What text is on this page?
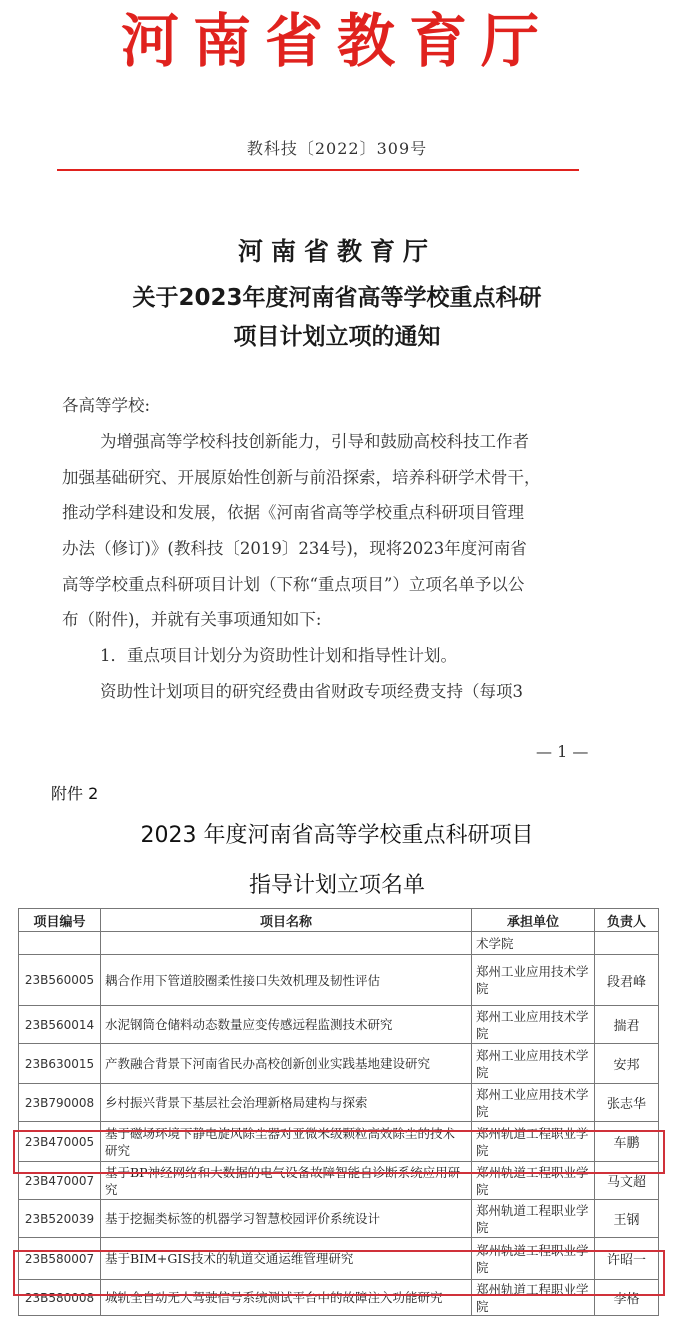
河南省教育厅
教科技〔2022〕309号
河南省教育厅
关于2023年度河南省高等学校重点科研
项目计划立项的通知
各高等学校:
为增强高等学校科技创新能力，引导和鼓励高校科技工作者
加强基础研究、开展原始性创新与前沿探索，培养科研学术骨干，
推动学科建设和发展，依据《河南省高等学校重点科研项目管理
办法（修订)》(教科技〔2019〕234号)，现将2023年度河南省
高等学校重点科研项目计划（下称“重点项目”）立项名单予以公
布（附件)，并就有关事项通知如下:
1．重点项目计划分为资助性计划和指导性计划。
资助性计划项目的研究经费由省财政专项经费支持（每项3
— 1 —
附件 2
2023 年度河南省高等学校重点科研项目
指导计划立项名单
项目编号	项目名称	承担单位	负责人
		术学院	
23B560005	耦合作用下管道胶圈柔性接口失效机理及韧性评估	郑州工业应用技术学院	段君峰
23B560014	水泥钢筒仓储料动态数量应变传感远程监测技术研究	郑州工业应用技术学院	揣君
23B630015	产教融合背景下河南省民办高校创新创业实践基地建设研究	郑州工业应用技术学院	安邦
23B790008	乡村振兴背景下基层社会治理新格局建构与探索	郑州工业应用技术学院	张志华
23B470005	基于磁场环境下静电旋风除尘器对亚微米级颗粒高效除尘的技术研究	郑州轨道工程职业学院	车鹏
23B470007	基于BP神经网络和大数据的电气设备故障智能自诊断系统应用研究	郑州轨道工程职业学院	马文超
23B520039	基于挖掘类标签的机器学习智慧校园评价系统设计	郑州轨道工程职业学院	王钢
23B580007	基于BIM+GIS技术的轨道交通运维管理研究	郑州轨道工程职业学院	许昭一
23B580008	城轨全自动无人驾驶信号系统测试平台中的故障注入功能研究	郑州轨道工程职业学院	李格
